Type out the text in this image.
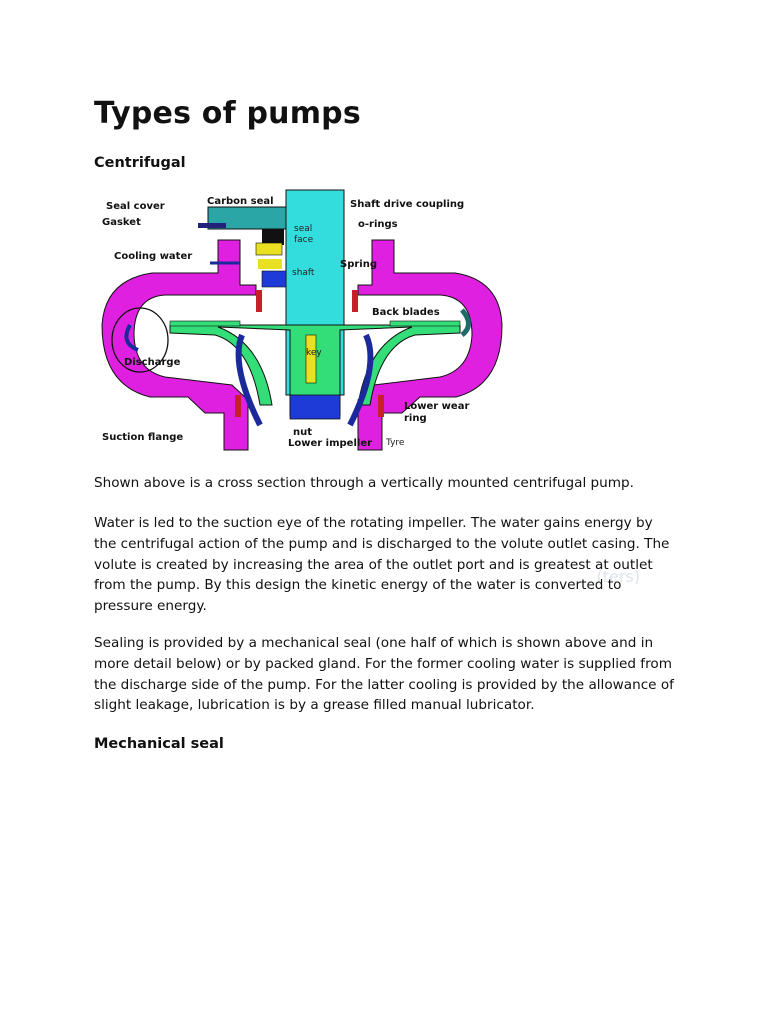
Types of pumps
Centrifugal
Seal cover	Carbon seal	Shaft drive coupling
Gasket
seal
face
o-rings
Cooling water
Spring
shaft
Back blades
key
Discharge
Lower wear
ring
Suction flange	nut
Lower impeller Tyre
Shown above is a cross section through a vertically mounted centrifugal pump.
(ters)
Water is led to the suction eye of the rotating impeller. The water gains energy by
the centrifugal action of the pump and is discharged to the volute outlet casing. The
volute is created by increasing the area of the outlet port and is greatest at outlet
from the pump. By this design the kinetic energy of the water is converted to
pressure energy.
Sealing is provided by a mechanical seal (one half of which is shown above and in
more detail below) or by packed gland. For the former cooling water is supplied from
the discharge side of the pump. For the latter cooling is provided by the allowance of
slight leakage, lubrication is by a grease filled manual lubricator.
Mechanical seal
